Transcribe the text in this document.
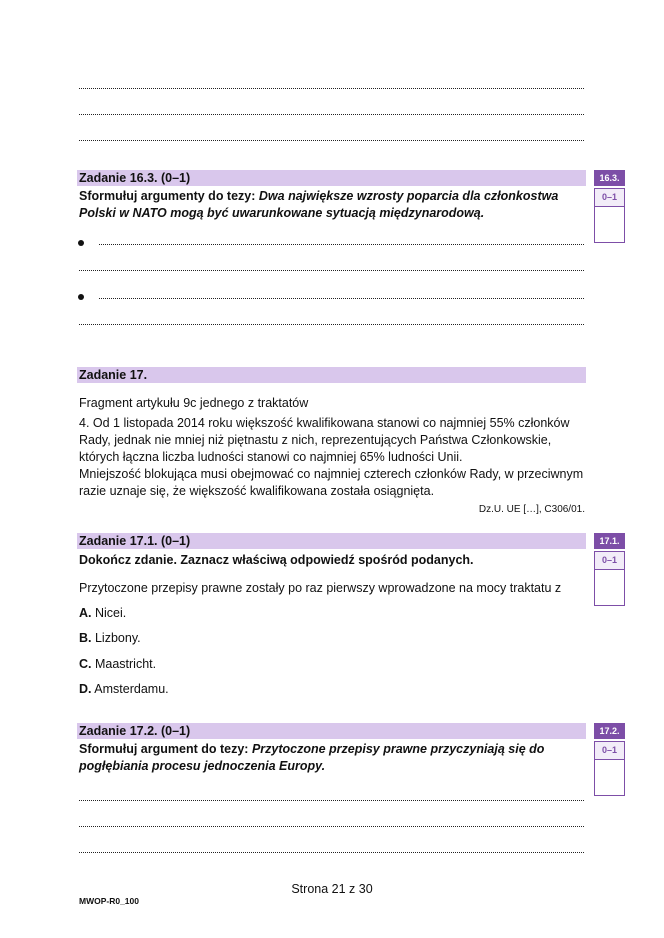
Zadanie 16.3. (0–1)	16.3.
0–1
Sformułuj argumenty do tezy: Dwa największe wzrosty poparcia dla członkostwa
Polski w NATO mogą być uwarunkowane sytuacją międzynarodową.
Zadanie 17.
Fragment artykułu 9c jednego z traktatów
4. Od 1 listopada 2014 roku większość kwalifikowana stanowi co najmniej 55% członków
Rady, jednak nie mniej niż piętnastu z nich, reprezentujących Państwa Członkowskie,
których łączna liczba ludności stanowi co najmniej 65% ludności Unii.
Mniejszość blokująca musi obejmować co najmniej czterech członków Rady, w przeciwnym
razie uznaje się, że większość kwalifikowana została osiągnięta.
Dz.U. UE […], C306/01.
Zadanie 17.1. (0–1)	17.1.
0–1
Dokończ zdanie. Zaznacz właściwą odpowiedź spośród podanych.
Przytoczone przepisy prawne zostały po raz pierwszy wprowadzone na mocy traktatu z
A. Nicei.
B. Lizbony.
C. Maastricht.
D. Amsterdamu.
Zadanie 17.2. (0–1)	17.2.
0–1
Sformułuj argument do tezy: Przytoczone przepisy prawne przyczyniają się do
pogłębiania procesu jednoczenia Europy.
Strona 21 z 30
MWOP-R0_100
